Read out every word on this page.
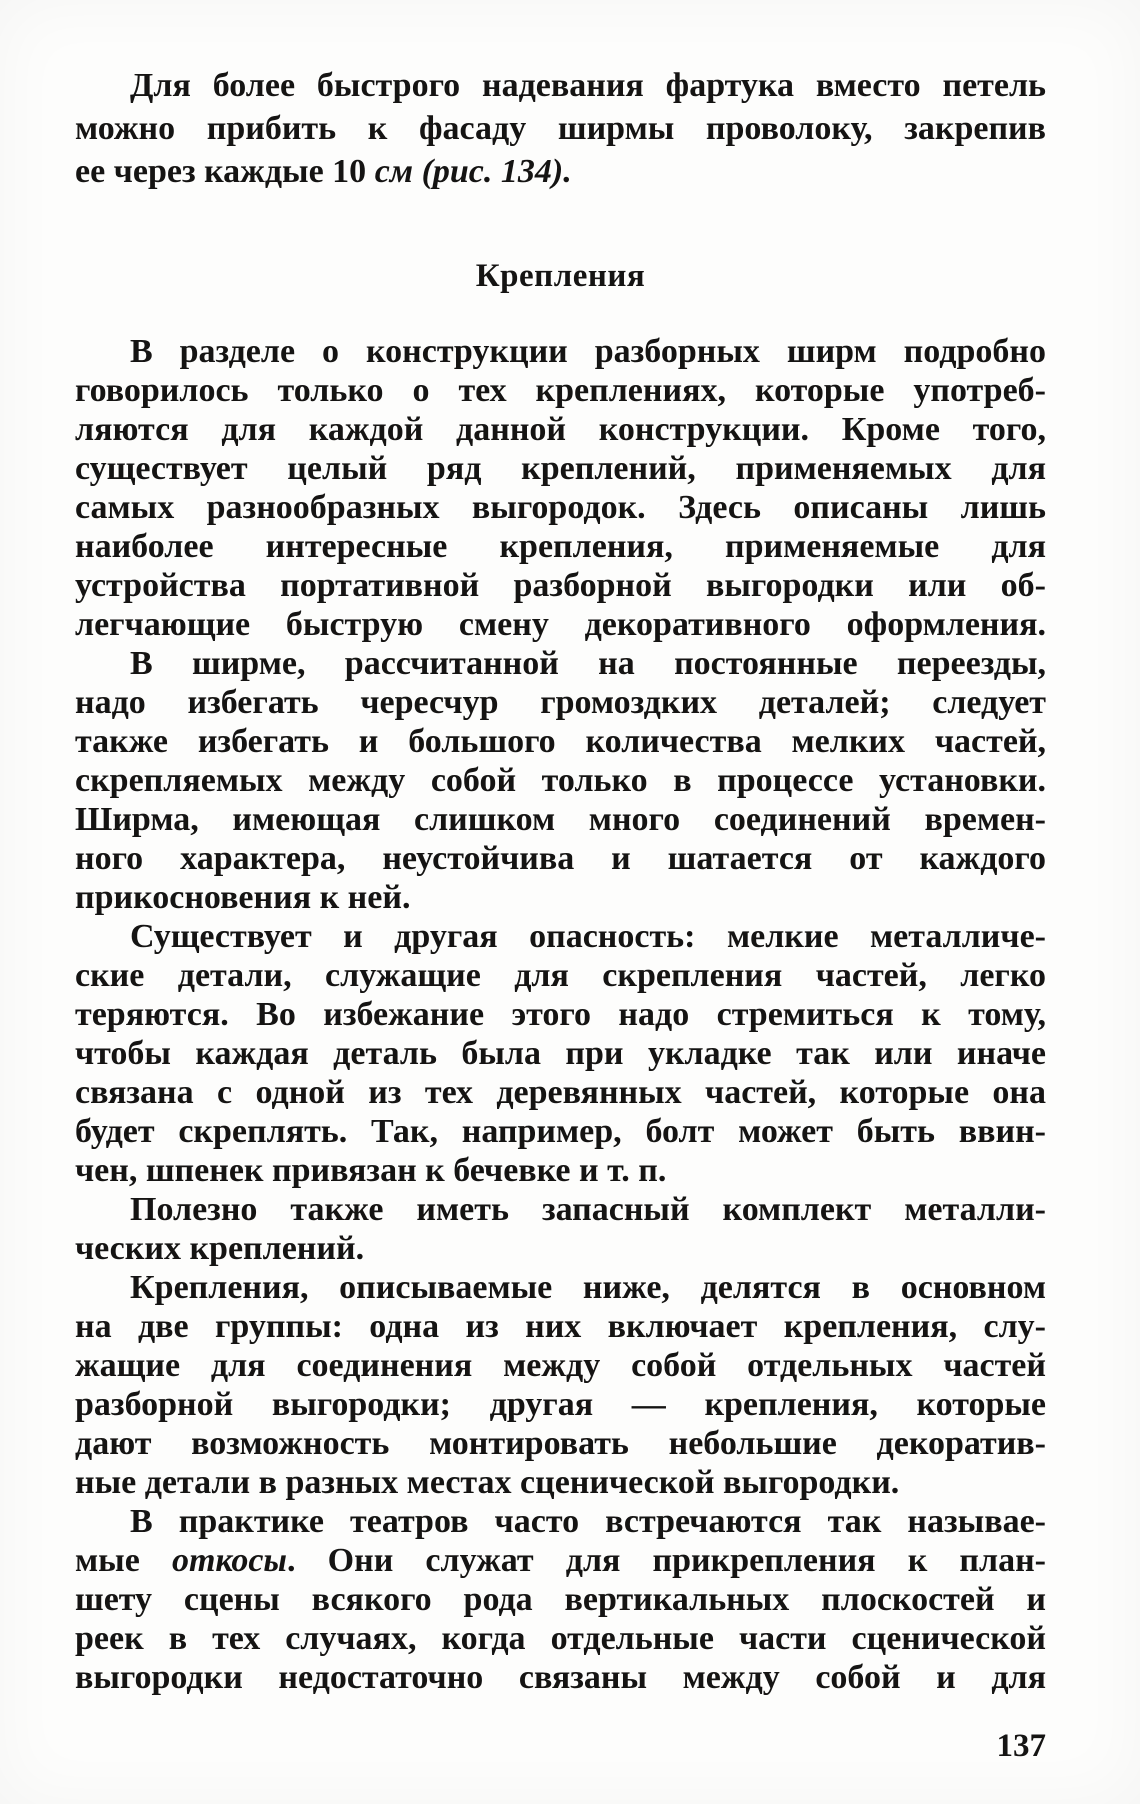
Для более быстрого надевания фартука вместо петель
можно прибить к фасаду ширмы проволоку, закрепив
ее через каждые 10 см (рис. 134).
Крепления
В разделе о конструкции разборных ширм подробно
говорилось только о тех креплениях, которые употреб-
ляются для каждой данной конструкции. Кроме того,
существует целый ряд креплений, применяемых для
самых разнообразных выгородок. Здесь описаны лишь
наиболее интересные крепления, применяемые для
устройства портативной разборной выгородки или об-
легчающие быструю смену декоративного оформления.
В ширме, рассчитанной на постоянные переезды,
надо избегать чересчур громоздких деталей; следует
также избегать и большого количества мелких частей,
скрепляемых между собой только в процессе установки.
Ширма, имеющая слишком много соединений времен-
ного характера, неустойчива и шатается от каждого
прикосновения к ней.
Существует и другая опасность: мелкие металличе-
ские детали, служащие для скрепления частей, легко
теряются. Во избежание этого надо стремиться к тому,
чтобы каждая деталь была при укладке так или иначе
связана с одной из тех деревянных частей, которые она
будет скреплять. Так, например, болт может быть ввин-
чен, шпенек привязан к бечевке и т. п.
Полезно также иметь запасный комплект металли-
ческих креплений.
Крепления, описываемые ниже, делятся в основном
на две группы: одна из них включает крепления, слу-
жащие для соединения между собой отдельных частей
разборной выгородки; другая — крепления, которые
дают возможность монтировать небольшие декоратив-
ные детали в разных местах сценической выгородки.
В практике театров часто встречаются так называе-
мые откосы. Они служат для прикрепления к план-
шету сцены всякого рода вертикальных плоскостей и
реек в тех случаях, когда отдельные части сценической
выгородки недостаточно связаны между собой и для
137
